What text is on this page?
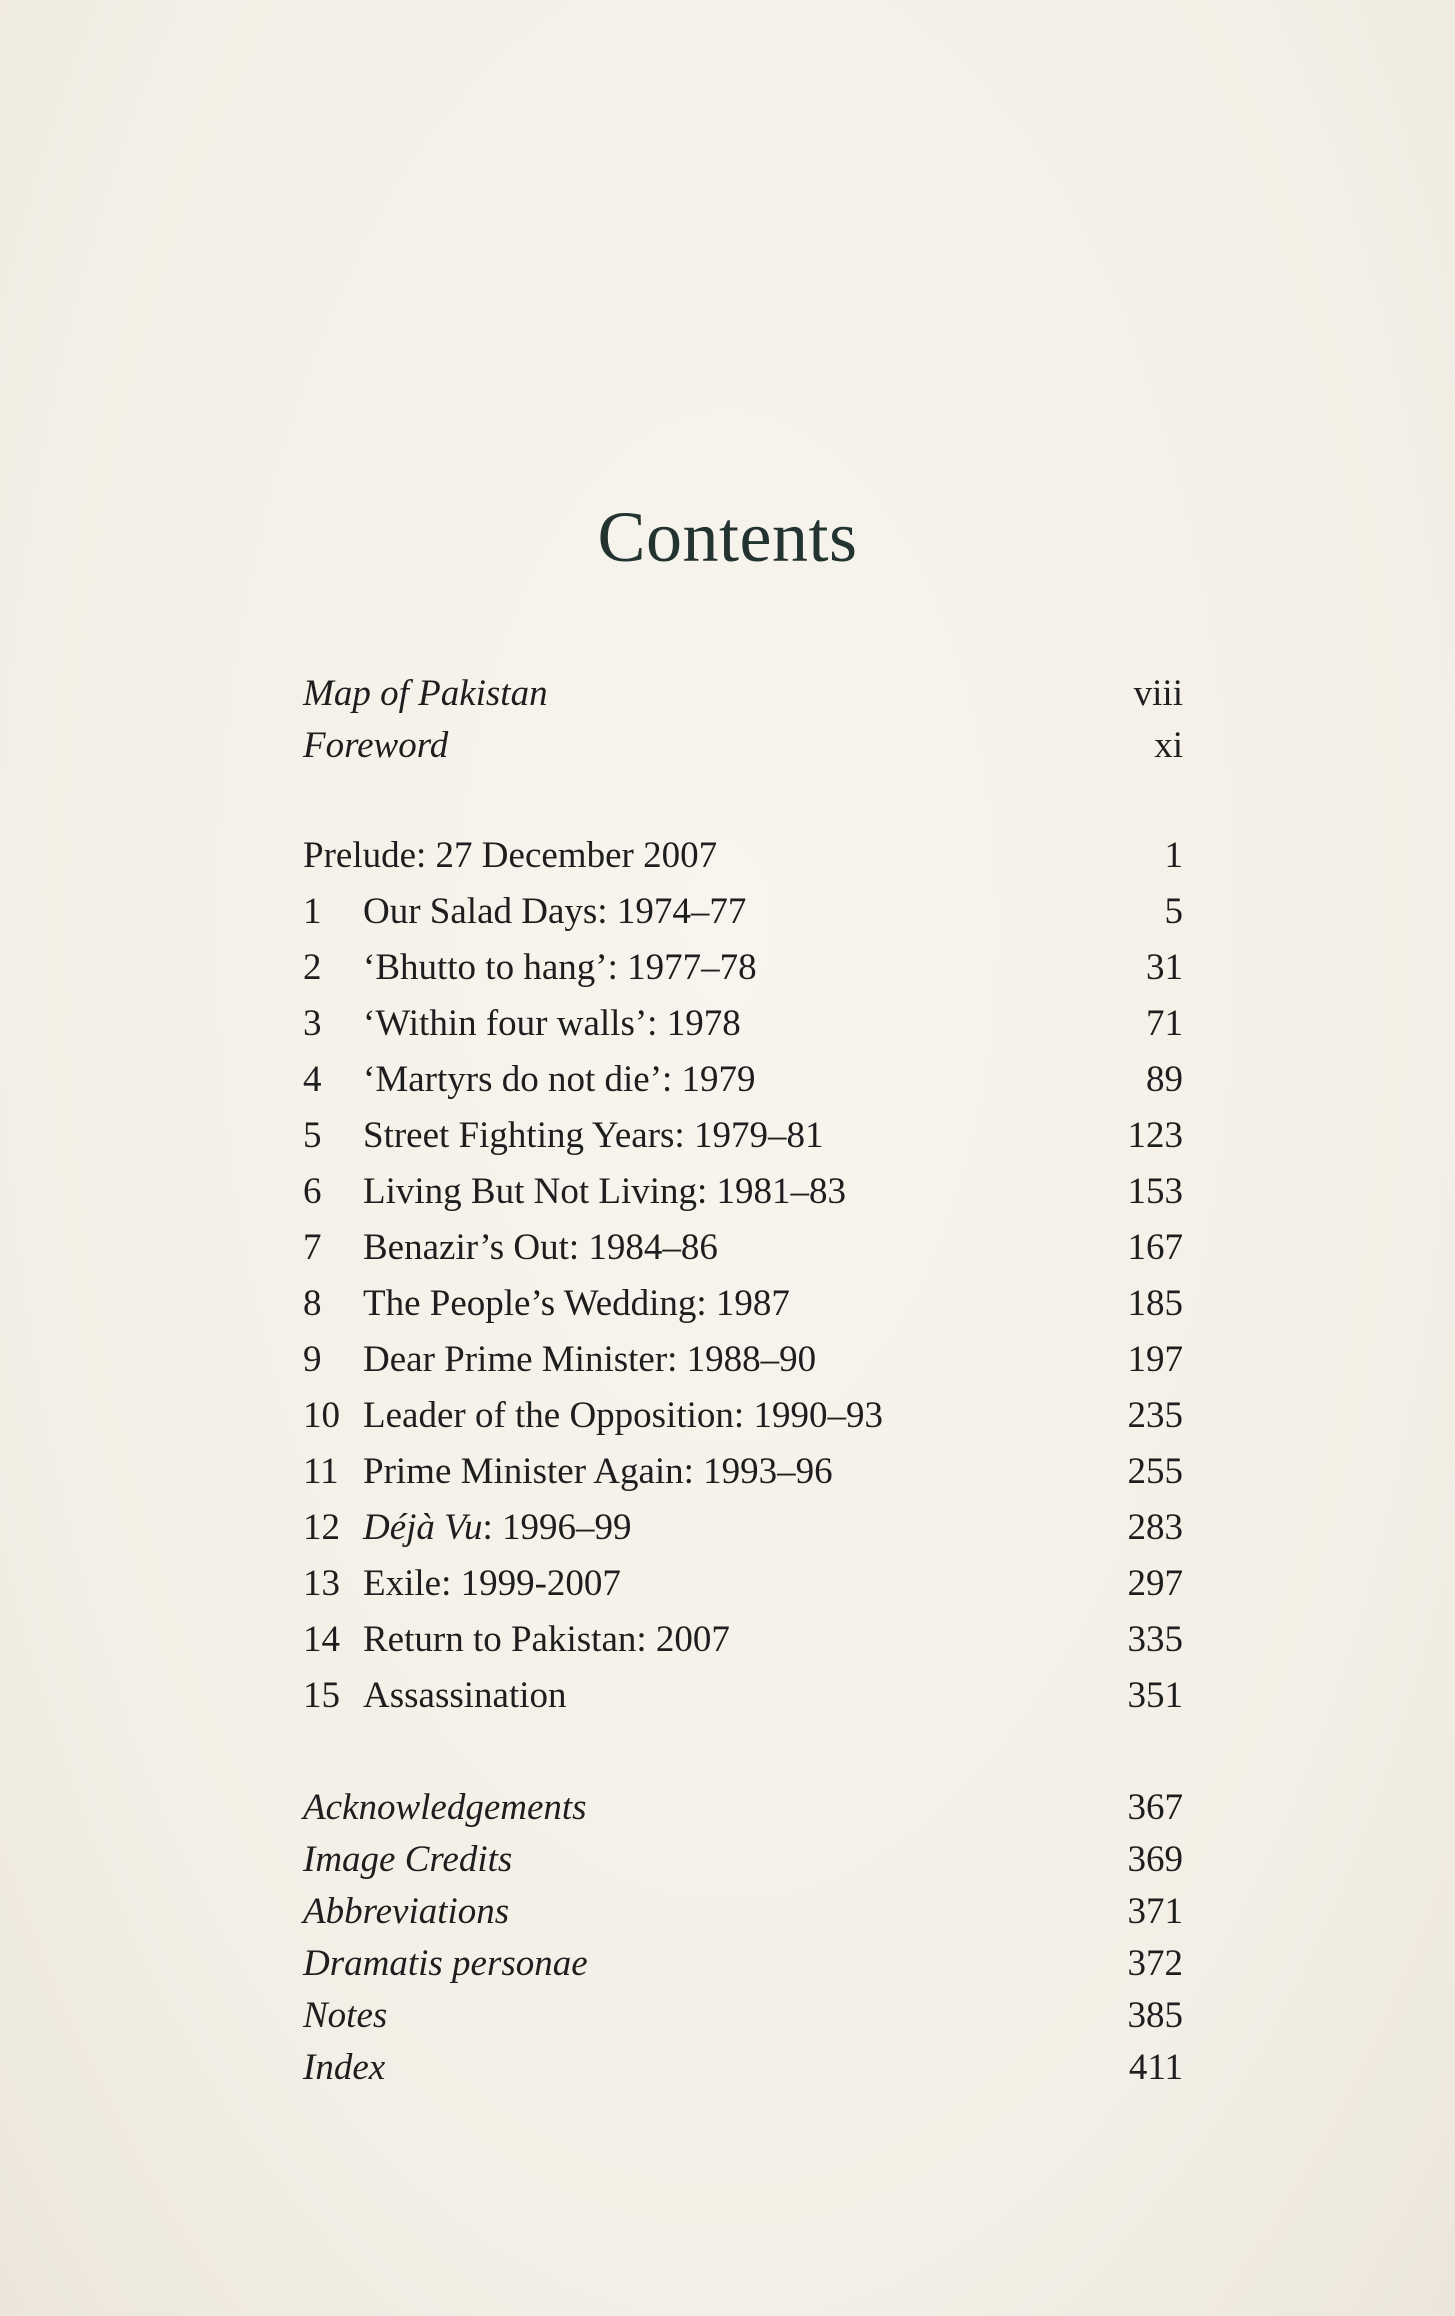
Contents
Map of Pakistan	viii
Foreword	xi
Prelude: 27 December 2007	1
1	Our Salad Days: 1974–77	5
2	‘Bhutto to hang’: 1977–78	31
3	‘Within four walls’: 1978	71
4	‘Martyrs do not die’: 1979	89
5	Street Fighting Years: 1979–81	123
6	Living But Not Living: 1981–83	153
7	Benazir’s Out: 1984–86	167
8	The People’s Wedding: 1987	185
9	Dear Prime Minister: 1988–90	197
10 Leader of the Opposition: 1990–93	235
11 Prime Minister Again: 1993–96	255
12 Déjà Vu: 1996–99	283
13 Exile: 1999-2007	297
14 Return to Pakistan: 2007	335
15 Assassination	351
Acknowledgements	367
Image Credits	369
Abbreviations	371
Dramatis personae	372
Notes	385
Index	411
